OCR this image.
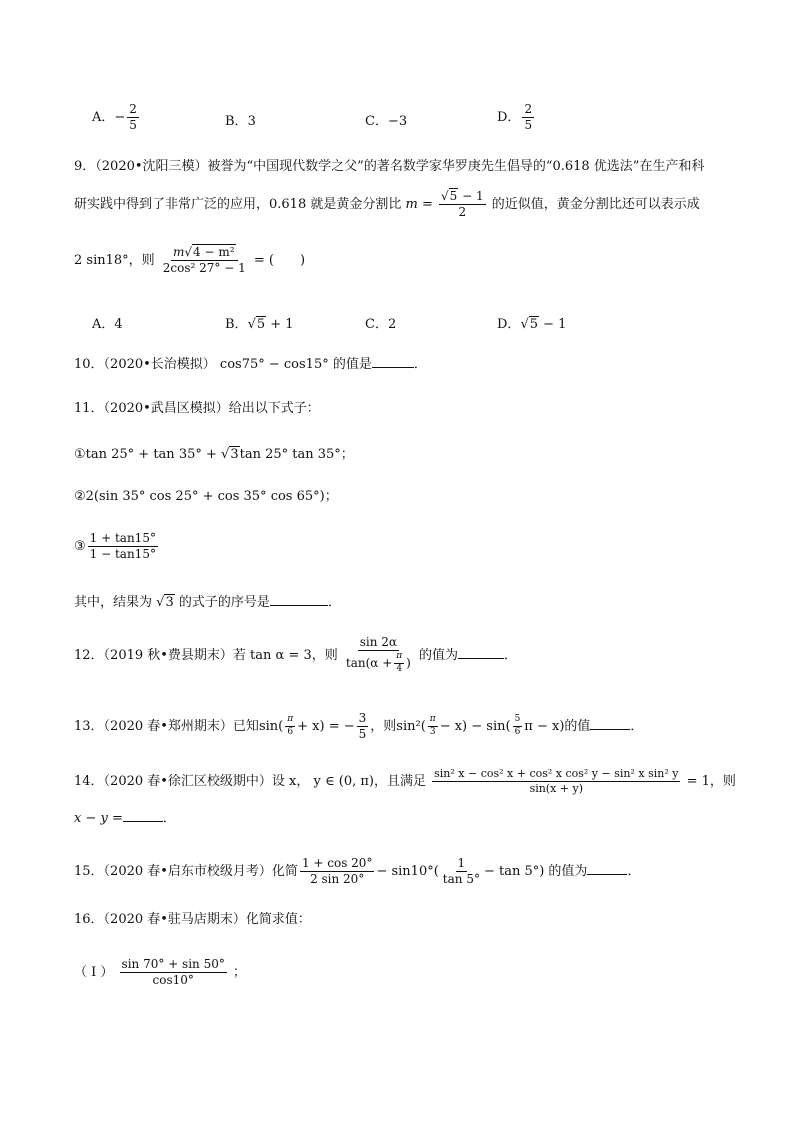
A．− $\frac{2}{5}$	B．3	C．−3	D． $\frac{2}{5}$
9．（2020•沈阳三模）被誉为“中国现代数学之父”的著名数学家华罗庚先生倡导的“0.618 优选法”在生产和科
研实践中得到了非常广泛的应用，0.618 就是黄金分割比 $m = \frac{√5 - 1}{2}$ 的近似值，黄金分割比还可以表示成
2 sin18°，则 $\frac{\text{m√4 − m²}}{\text{2cos² 27° − 1}}$ = (　　)
A．4	B．√5 + 1	C．2	D．√5 − 1
10．（2020•长治模拟） cos75° − cos15° 的值是	．
11．（2020•武昌区模拟）给出以下式子：
①tan 25° + tan 35° + √3tan 25° tan 35°；
②2(sin 35° cos 25° + cos 35° cos 65°)；
③ $\frac{1 + \tan 15^\circ}{1 - \tan 15^\circ}$
其中，结果为 √3 的式子的序号是	．
12．（2019 秋•费县期末）若 tan α = 3，则 $\frac{\sin 2\alpha}{\tan(\alpha + \frac{\pi}{4} )}$ 的值为	．
13．（2020 春•郑州期末）已知$\sin( \frac{\pi}{6} + x)$ = − $\frac{3}{5}$ ，则$\sin^2( \frac{\pi}{3} - x) - \sin( \frac{5}{6}$ π − x)的值	．
14．（2020 春•徐汇区校级期中）设 x， y ∈ (0, π)，且满足 $\frac{\text{sin² x − cos² x + cos² x cos² y − sin² x sin² y}}{\sin(x + y)} = 1$，则
x − y =	．
15．（2020 春•启东市校级月考）化简 $\frac{1 + \cos 20^\circ}{2 \sin 20^\circ} - \sin 10^\circ( \frac{1}{\tan 5^\circ} - \tan 5^\circ)$ 的值为	．
16．（2020 春•驻马店期末）化简求值：
（ I ） $\frac{\sin 70^\circ + \sin 50^\circ}{\cos 10^\circ}$ ；
